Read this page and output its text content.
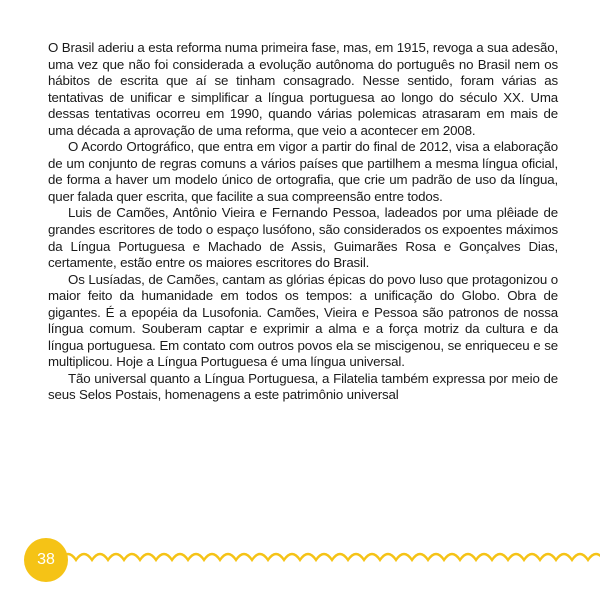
O Brasil aderiu a esta reforma numa primeira fase, mas, em 1915, revoga a sua adesão, uma vez que não foi considerada a evolução autônoma do português no Brasil nem os hábitos de escrita que aí se tinham consagrado. Nesse sentido, foram várias as tentativas de unificar e simplificar a língua portuguesa ao longo do século XX. Uma dessas tentativas ocorreu em 1990, quando várias polemicas atrasaram em mais de uma década a aprovação de uma reforma, que veio a acontecer em 2008.

O Acordo Ortográfico, que entra em vigor a partir do final de 2012, visa a elaboração de um conjunto de regras comuns a vários países que partilhem a mesma língua oficial, de forma a haver um modelo único de ortografia, que crie um padrão de uso da língua, quer falada quer escrita, que facilite a sua compreensão entre todos.

Luis de Camões, Antônio Vieira e Fernando Pessoa, ladeados por uma plêiade de grandes escritores de todo o espaço lusófono, são considerados os expoentes máximos da Língua Portuguesa e Machado de Assis, Guimarães Rosa e Gonçalves Dias, certamente, estão entre os maiores escritores do Brasil.

Os Lusíadas, de Camões, cantam as glórias épicas do povo luso que protagonizou o maior feito da humanidade em todos os tempos: a unificação do Globo. Obra de gigantes. É a epopéia da Lusofonia. Camões, Vieira e Pessoa são patronos de nossa língua comum. Souberam captar e exprimir a alma e a força motriz da cultura e da língua portuguesa. Em contato com outros povos ela se miscigenou, se enriqueceu e se multiplicou. Hoje a Língua Portuguesa é uma língua universal.

Tão universal quanto a Língua Portuguesa, a Filatelia também expressa por meio de seus Selos Postais, homenagens a este patrimônio universal

38
